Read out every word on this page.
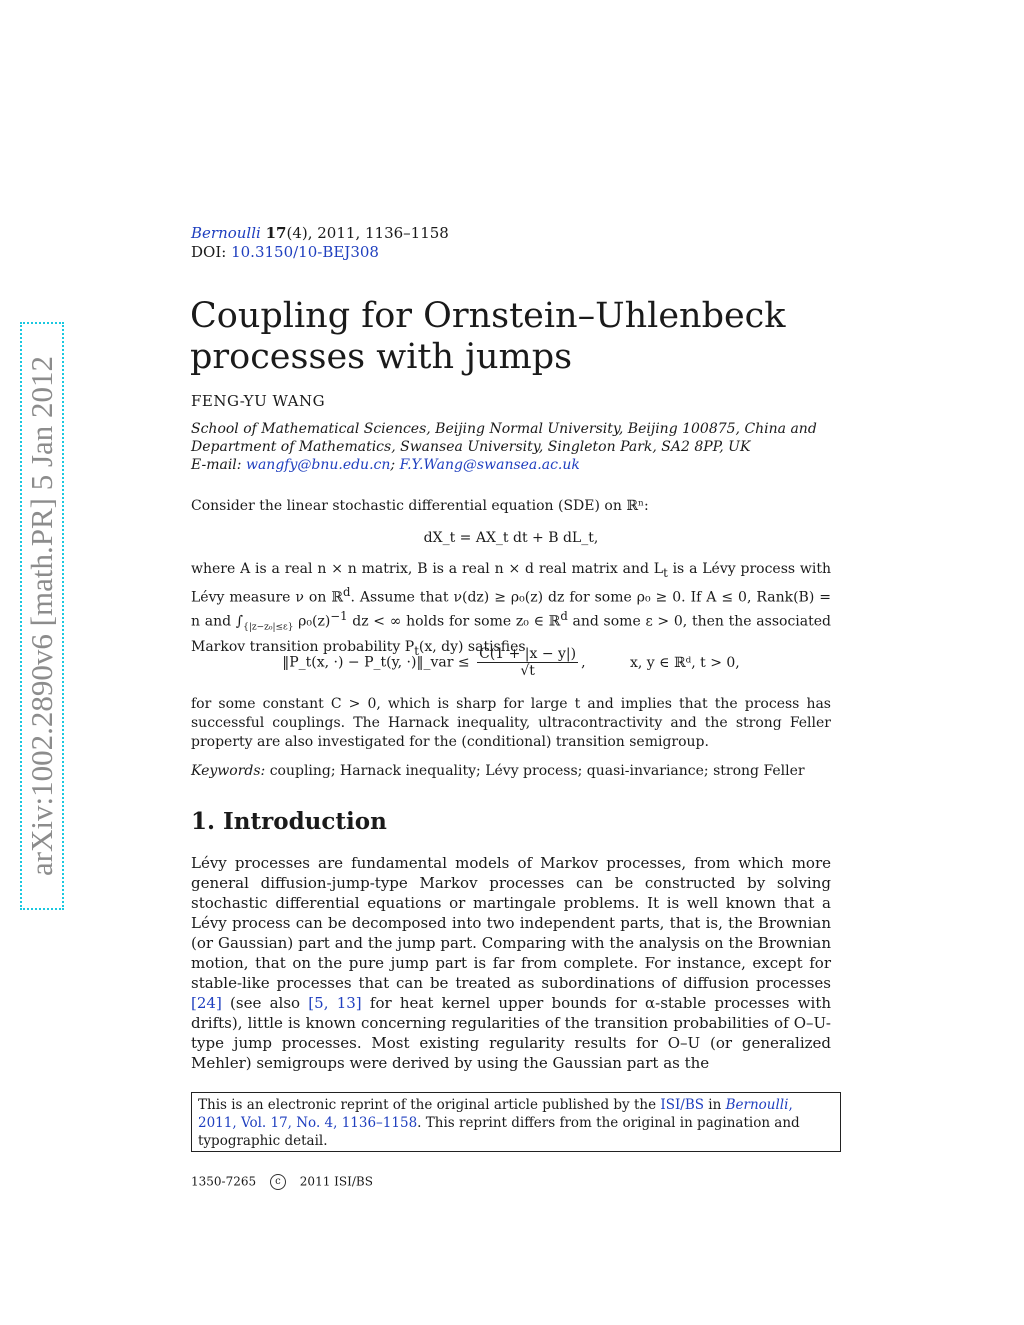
arXiv:1002.2890v6 [math.PR] 5 Jan 2012
Bernoulli 17(4), 2011, 1136–1158
DOI: 10.3150/10-BEJ308
Coupling for Ornstein–Uhlenbeck processes with jumps
FENG-YU WANG
School of Mathematical Sciences, Beijing Normal University, Beijing 100875, China and Department of Mathematics, Swansea University, Singleton Park, SA2 8PP, UK
E-mail: wangfy@bnu.edu.cn; F.Y.Wang@swansea.ac.uk
Consider the linear stochastic differential equation (SDE) on ℝⁿ:
dX_t = AX_t dt + B dL_t,
where A is a real n × n matrix, B is a real n × d real matrix and $L_t$ is a Lévy process with Lévy measure ν on ℝ$^d$. Assume that ν(dz) ≥ ρ₀(z) dz for some ρ₀ ≥ 0. If A ≤ 0, Rank(B) = n and $\int_{\{|z-z_0|\le\varepsilon\}}$ $\rho_0(z)^{-1}$ dz < ∞ holds for some z₀ ∈ ℝ$^d$ and some ε > 0, then the associated Markov transition probability $P_t(x$, dy) satisfies
‖P_t(x, ·) − P_t(y, ·)‖_var ≤ $\frac{C(1 + |x - y|)}{√t}$ ,	x, y ∈ ℝᵈ, t > 0,
for some constant C > 0, which is sharp for large t and implies that the process has successful couplings. The Harnack inequality, ultracontractivity and the strong Feller property are also investigated for the (conditional) transition semigroup.
Keywords: coupling; Harnack inequality; Lévy process; quasi-invariance; strong Feller
1. Introduction
Lévy processes are fundamental models of Markov processes, from which more general diffusion-jump-type Markov processes can be constructed by solving stochastic differential equations or martingale problems. It is well known that a Lévy process can be decomposed into two independent parts, that is, the Brownian (or Gaussian) part and the jump part. Comparing with the analysis on the Brownian motion, that on the pure jump part is far from complete. For instance, except for stable-like processes that can be treated as subordinations of diffusion processes [24] (see also [5, 13] for heat kernel upper bounds for α-stable processes with drifts), little is known concerning regularities of the transition probabilities of O–U-type jump processes. Most existing regularity results for O–U (or generalized Mehler) semigroups were derived by using the Gaussian part as the
This is an electronic reprint of the original article published by the ISI/BS in Bernoulli, 2011, Vol. 17, No. 4, 1136–1158. This reprint differs from the original in pagination and typographic detail.
1350-7265 c 2011 ISI/BS
